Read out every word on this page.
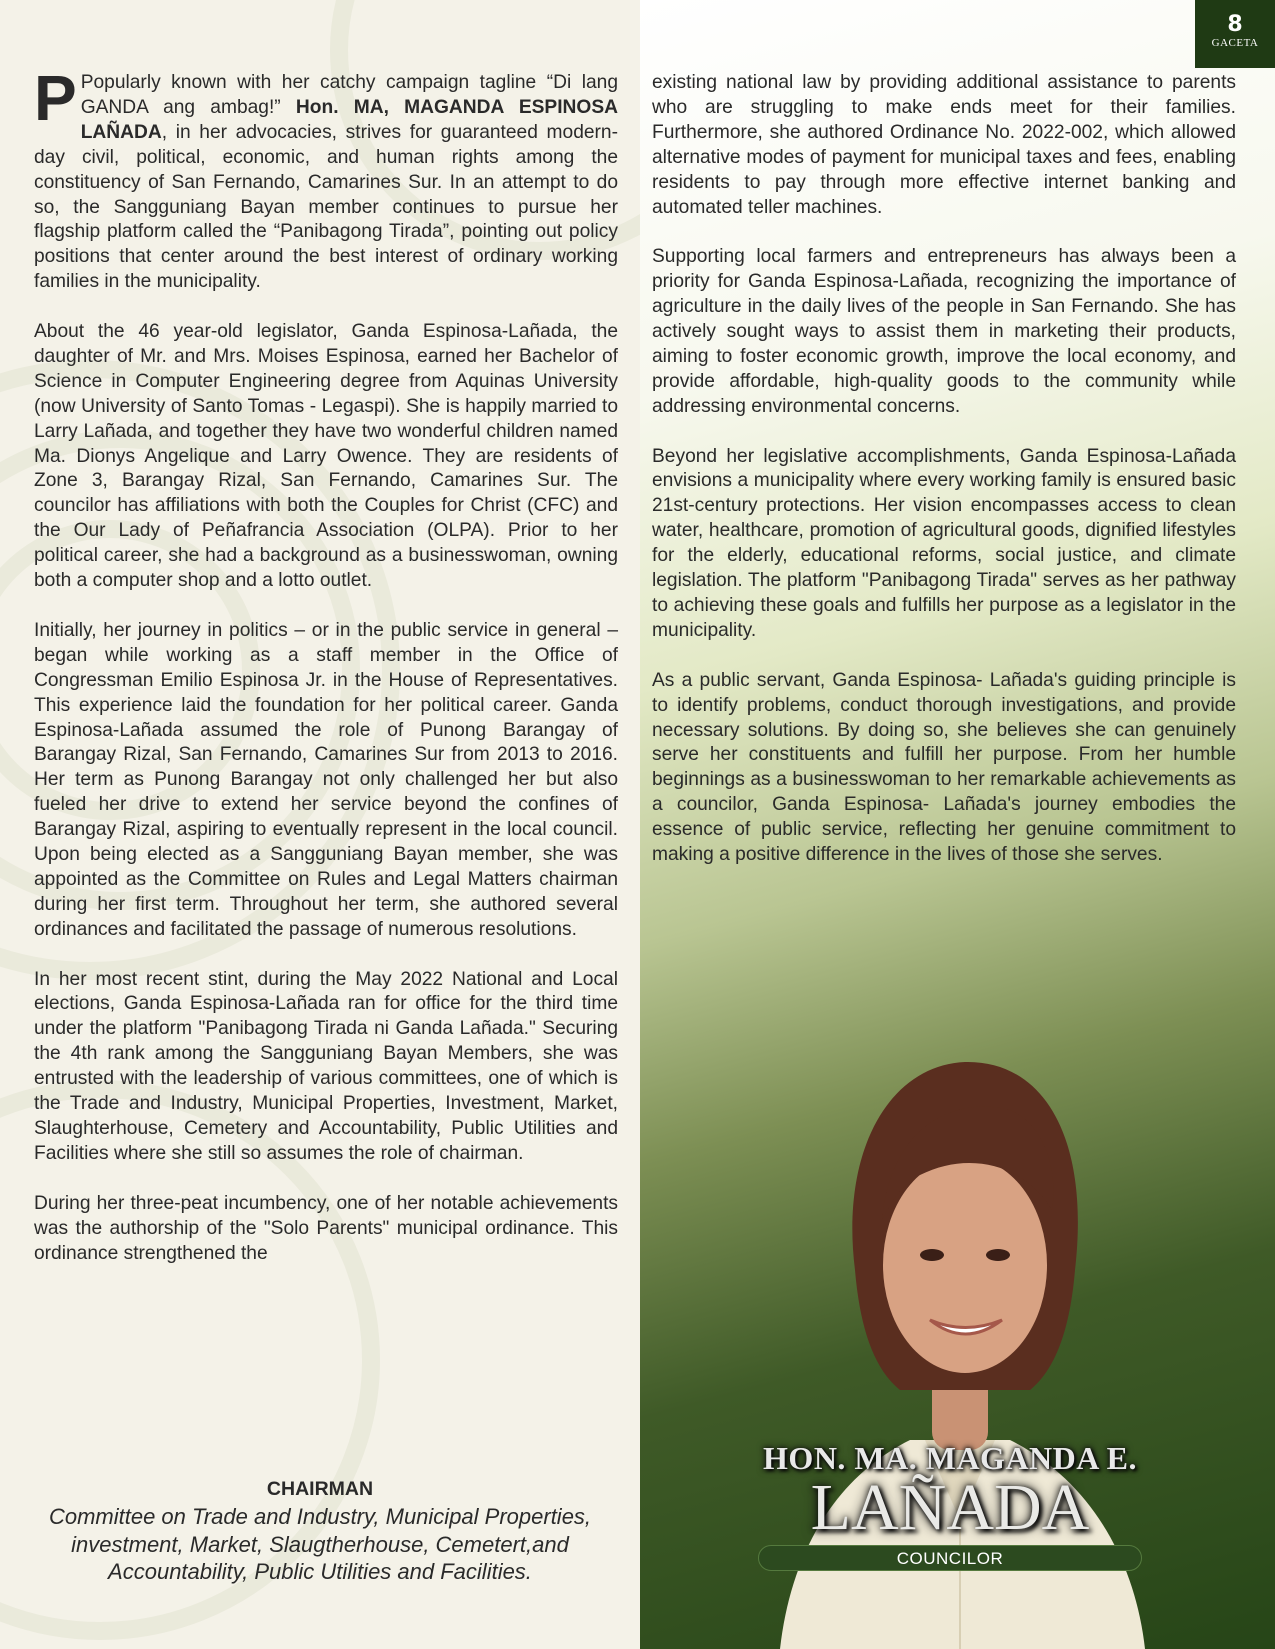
8
GACETA

P Popularly known with her catchy campaign tagline “Di lang GANDA ang ambag!” Hon. MA, MAGANDA ESPINOSA LAÑADA, in her advocacies, strives for guaranteed modern-day civil, political, economic, and human rights among the constituency of San Fernando, Camarines Sur. In an attempt to do so, the Sangguniang Bayan member continues to pursue her flagship platform called the “Panibagong Tirada”, pointing out policy positions that center around the best interest of ordinary working families in the municipality.

About the 46 year-old legislator, Ganda Espinosa-Lañada, the daughter of Mr. and Mrs. Moises Espinosa, earned her Bachelor of Science in Computer Engineering degree from Aquinas University (now University of Santo Tomas - Legaspi). She is happily married to Larry Lañada, and together they have two wonderful children named Ma. Dionys Angelique and Larry Owence. They are residents of Zone 3, Barangay Rizal, San Fernando, Camarines Sur. The councilor has affiliations with both the Couples for Christ (CFC) and the Our Lady of Peñafrancia Association (OLPA). Prior to her political career, she had a background as a businesswoman, owning both a computer shop and a lotto outlet.

Initially, her journey in politics – or in the public service in general – began while working as a staff member in the Office of Congressman Emilio Espinosa Jr. in the House of Representatives. This experience laid the foundation for her political career. Ganda Espinosa-Lañada assumed the role of Punong Barangay of Barangay Rizal, San Fernando, Camarines Sur from 2013 to 2016. Her term as Punong Barangay not only challenged her but also fueled her drive to extend her service beyond the confines of Barangay Rizal, aspiring to eventually represent in the local council. Upon being elected as a Sangguniang Bayan member, she was appointed as the Committee on Rules and Legal Matters chairman during her first term. Throughout her term, she authored several ordinances and facilitated the passage of numerous resolutions.

In her most recent stint, during the May 2022 National and Local elections, Ganda Espinosa-Lañada ran for office for the third time under the platform "Panibagong Tirada ni Ganda Lañada." Securing the 4th rank among the Sangguniang Bayan Members, she was entrusted with the leadership of various committees, one of which is the Trade and Industry, Municipal Properties, Investment, Market, Slaughterhouse, Cemetery and Accountability, Public Utilities and Facilities where she still so assumes the role of chairman.

During her three-peat incumbency, one of her notable achievements was the authorship of the "Solo Parents" municipal ordinance. This ordinance strengthened the

existing national law by providing additional assistance to parents who are struggling to make ends meet for their families. Furthermore, she authored Ordinance No. 2022-002, which allowed alternative modes of payment for municipal taxes and fees, enabling residents to pay through more effective internet banking and automated teller machines.

Supporting local farmers and entrepreneurs has always been a priority for Ganda Espinosa-Lañada, recognizing the importance of agriculture in the daily lives of the people in San Fernando. She has actively sought ways to assist them in marketing their products, aiming to foster economic growth, improve the local economy, and provide affordable, high-quality goods to the community while addressing environmental concerns.

Beyond her legislative accomplishments, Ganda Espinosa-Lañada envisions a municipality where every working family is ensured basic 21st-century protections. Her vision encompasses access to clean water, healthcare, promotion of agricultural goods, dignified lifestyles for the elderly, educational reforms, social justice, and climate legislation. The platform "Panibagong Tirada" serves as her pathway to achieving these goals and fulfills her purpose as a legislator in the municipality.

As a public servant, Ganda Espinosa- Lañada's guiding principle is to identify problems, conduct thorough investigations, and provide necessary solutions. By doing so, she believes she can genuinely serve her constituents and fulfill her purpose. From her humble beginnings as a businesswoman to her remarkable achievements as a councilor, Ganda Espinosa- Lañada's journey embodies the essence of public service, reflecting her genuine commitment to making a positive difference in the lives of those she serves.

CHAIRMAN
Committee on Trade and Industry, Municipal Properties, investment, Market, Slaugtherhouse, Cemetert,and Accountability, Public Utilities and Facilities.
HON. MA. MAGANDA E.
LAÑADA
COUNCILOR
